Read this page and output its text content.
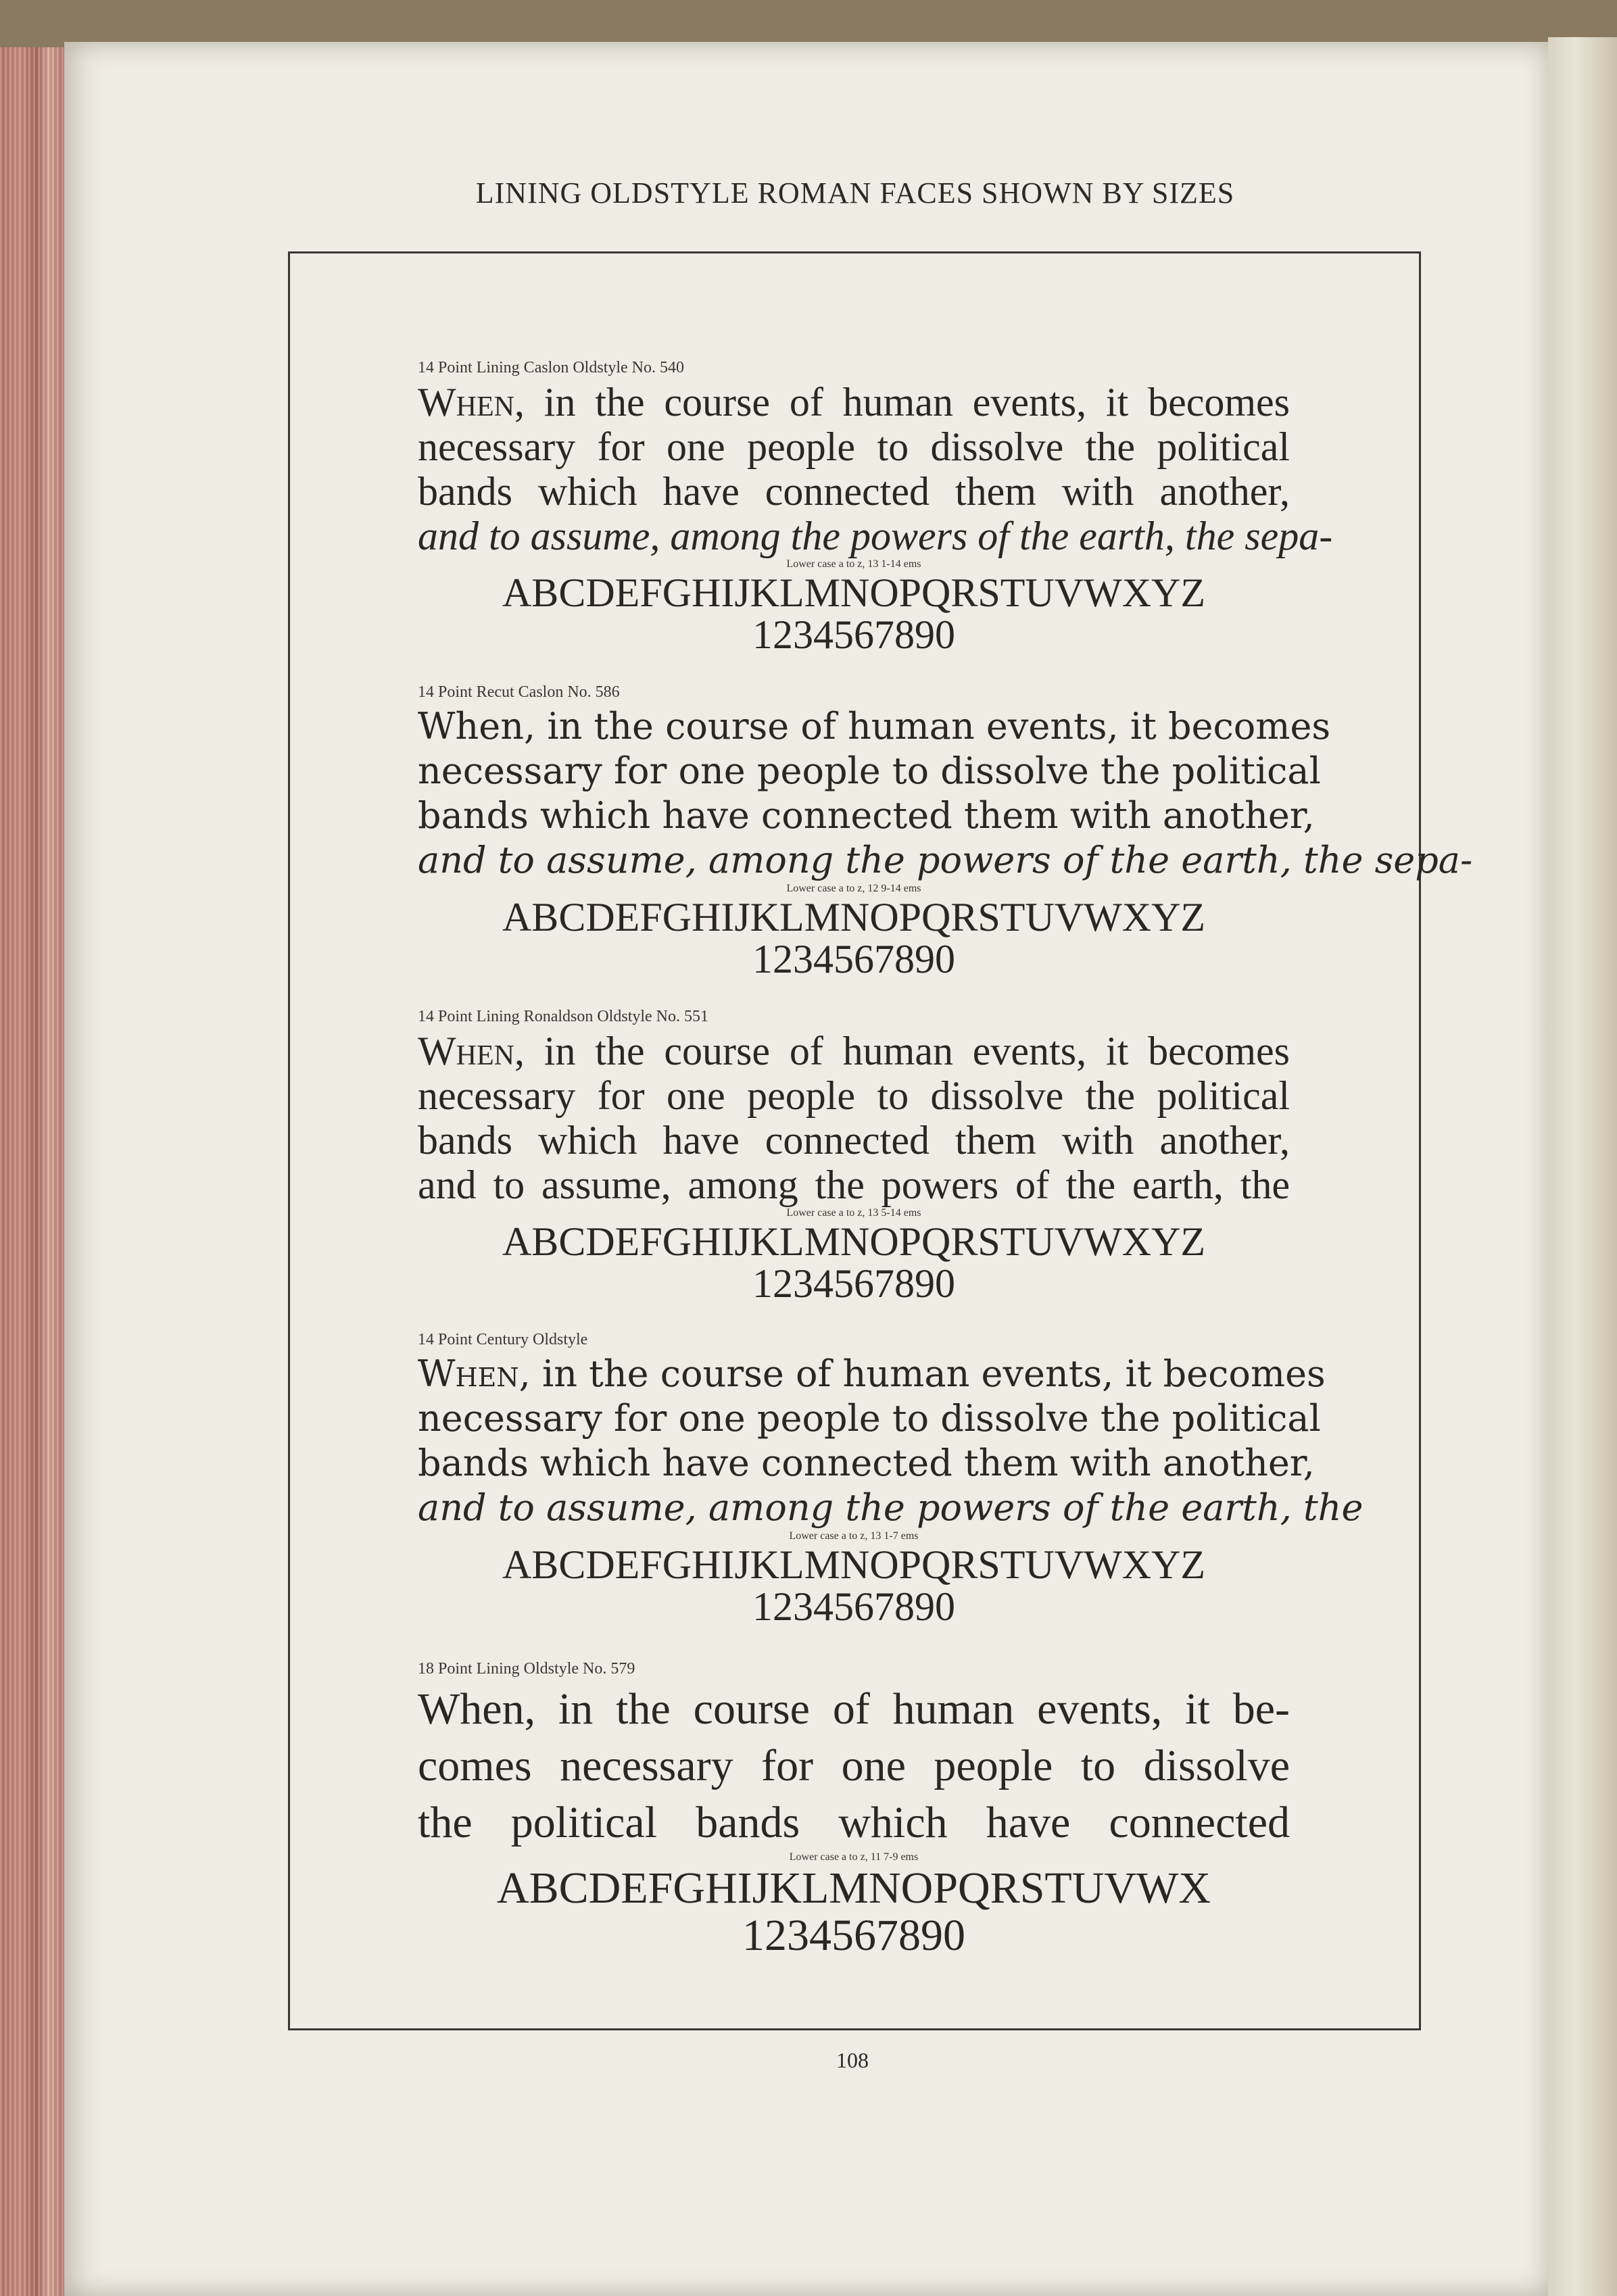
LINING OLDSTYLE ROMAN FACES SHOWN BY SIZES
14 Point Lining Caslon Oldstyle No. 540
When, in the course of human events, it becomes
necessary for one people to dissolve the political
bands which have connected them with another,
and to assume, among the powers of the earth, the sepa-
Lower case a to z, 13 1-14 ems
ABCDEFGHIJKLMNOPQRSTUVWXYZ
1234567890
14 Point Recut Caslon No. 586
When, in the course of human events, it becomes
necessary for one people to dissolve the political
bands which have connected them with another,
and to assume, among the powers of the earth, the sepa-
Lower case a to z, 12 9-14 ems
ABCDEFGHIJKLMNOPQRSTUVWXYZ
1234567890
14 Point Lining Ronaldson Oldstyle No. 551
When, in the course of human events, it becomes
necessary for one people to dissolve the political
bands which have connected them with another,
and to assume, among the powers of the earth, the
Lower case a to z, 13 5-14 ems
ABCDEFGHIJKLMNOPQRSTUVWXYZ
1234567890
14 Point Century Oldstyle
When, in the course of human events, it becomes
necessary for one people to dissolve the political
bands which have connected them with another,
and to assume, among the powers of the earth, the
Lower case a to z, 13 1-7 ems
ABCDEFGHIJKLMNOPQRSTUVWXYZ
1234567890
18 Point Lining Oldstyle No. 579
When, in the course of human events, it be-
comes necessary for one people to dissolve
the political bands which have connected
Lower case a to z, 11 7-9 ems
ABCDEFGHIJKLMNOPQRSTUVWX
1234567890
108
